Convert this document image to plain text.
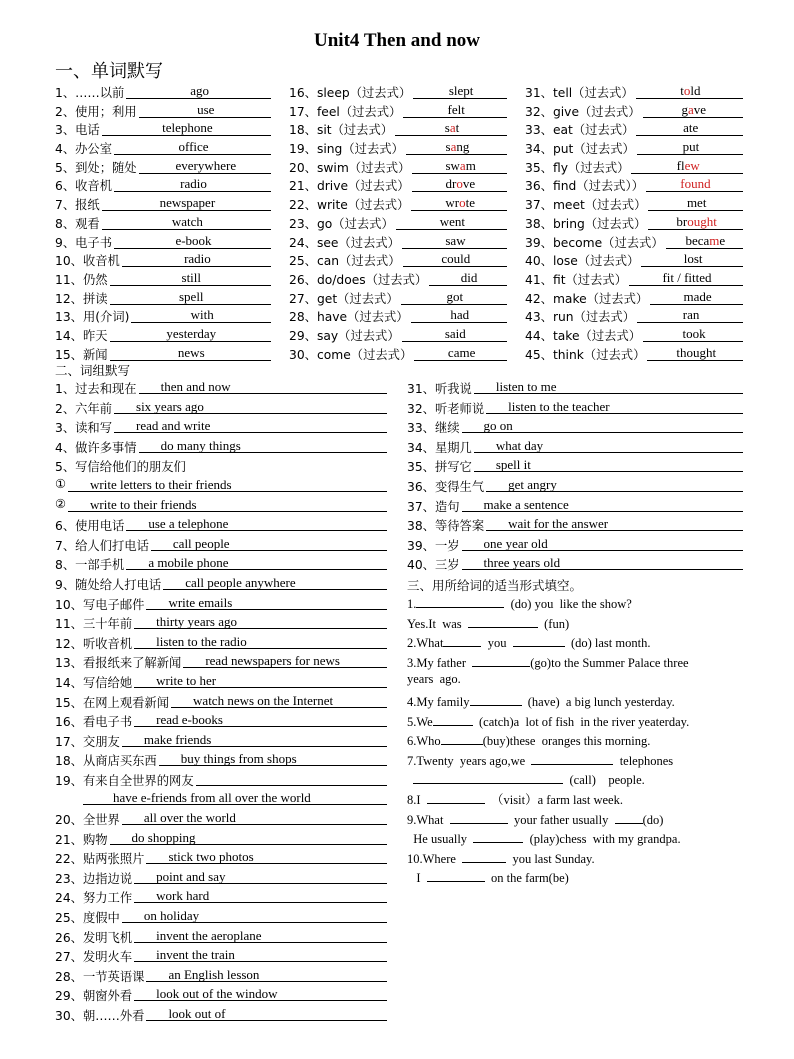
Unit4 Then and now
一、单词默写
1、……以前	ago
2、使用；利用	use
3、电话	telephone
4、办公室	office
5、到处；随处	everywhere
6、收音机	radio
7、报纸	newspaper
8、观看	watch
9、电子书	e-book
10、收音机	radio
11、仍然	still
12、拼读	spell
13、用(介词)	with
14、昨天	yesterday
15、新闻	news
16、sleep（过去式）	slept
17、feel（过去式）	felt
18、sit（过去式）	sat
19、sing（过去式）	sang
20、swim（过去式）	swam
21、drive（过去式）	drove
22、write（过去式）	wrote
23、go（过去式）	went
24、see（过去式）	saw
25、can（过去式）	could
26、do/does（过去式）	did
27、get（过去式）	got
28、have（过去式）	had
29、say（过去式）	said
30、come（过去式）	came
31、tell（过去式）	told
32、give（过去式）	gave
33、eat（过去式）	ate
34、put（过去式）	put
35、fly（过去式）	flew
36、find（过去式））	found
37、meet（过去式）	met
38、bring（过去式）	brought
39、become（过去式）	became
40、lose（过去式）	lost
41、fit（过去式）	fit / fitted
42、make（过去式）	made
43、run（过去式）	ran
44、take（过去式）	took
45、think（过去式）	thought
二、词组默写
1、过去和现在	then and now
2、六年前	six years ago
3、读和写	read and write
4、做许多事情	do many things
5、写信给他们的朋友们
①	write letters to their friends
②	write to their friends
6、使用电话	use a telephone
7、给人们打电话	call people
8、一部手机	a mobile phone
9、随处给人打电话	call people anywhere
10、写电子邮件	write emails
11、三十年前	thirty years ago
12、听收音机	listen to the radio
13、看报纸来了解新闻	read newspapers for news
14、写信给她	write to her
15、在网上观看新闻	watch news on the Internet
16、看电子书	read e-books
17、交朋友	make friends
18、从商店买东西	buy things from shops
19、有来自全世界的网友
have e-friends from all over the world
20、全世界	all over the world
21、购物	do shopping
22、贴两张照片	stick two photos
23、边指边说	point and say
24、努力工作	work hard
25、度假中	on holiday
26、发明飞机	invent the aeroplane
27、发明火车	invent the train
28、一节英语课	an English lesson
29、朝窗外看	look out of the window
30、朝……外看	look out of
31、听我说	listen to me
32、听老师说	listen to the teacher
33、继续	go on
34、星期几	what day
35、拼写它	spell it
36、变得生气	get angry
37、造句	make a sentence
38、等待答案	wait for the answer
39、一岁	one year old
40、三岁	three years old
三、用所给词的适当形式填空。
1.	(do) you  like the show?
Yes.It  was	(fun)
2.What	you	(do) last month.
3.My father	(go)to the Summer Palace three
years  ago.
4.My family	(have)  a big lunch yesterday.
5.We	(catch)a  lot of fish  in the river yeaterday.
6.Who	(buy)these  oranges this morning.
7.Twenty  years ago,we	telephones
(call)    people.
8.I	（visit）a farm last week.
9.What	your father usually  (do)
He usually	(play)chess  with my grandpa.
10.Where	you last Sunday.
I	on the farm(be)
